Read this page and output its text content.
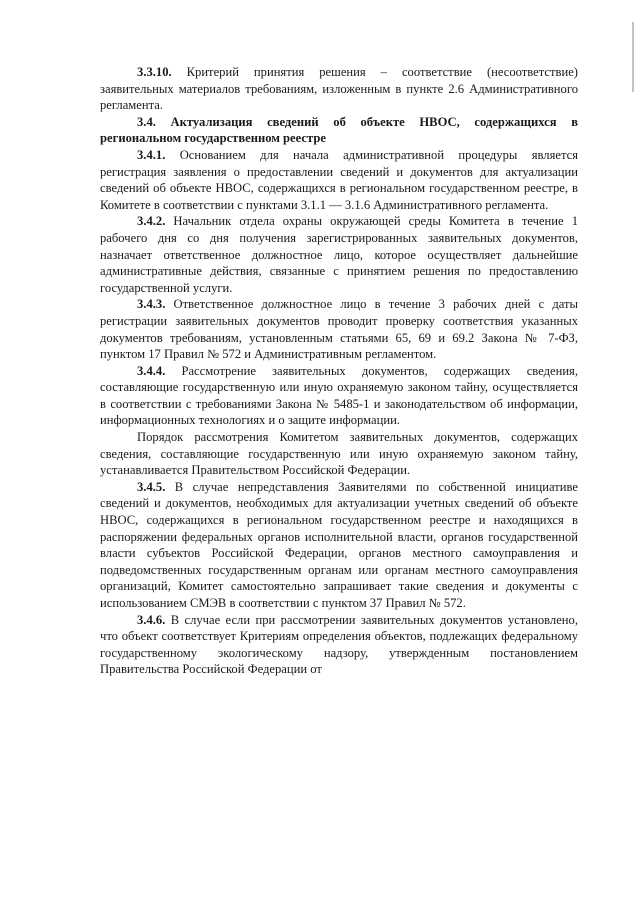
3.3.10. Критерий принятия решения – соответствие (несоответствие) заявительных материалов требованиям, изложенным в пункте 2.6 Административного регламента.

3.4. Актуализация сведений об объекте НВОС, содержащихся в региональном государственном реестре

3.4.1. Основанием для начала административной процедуры является регистрация заявления о предоставлении сведений и документов для актуализации сведений об объекте НВОС, содержащихся в региональном государственном реестре, в Комитете в соответствии с пунктами 3.1.1 — 3.1.6 Административного регламента.

3.4.2. Начальник отдела охраны окружающей среды Комитета в течение 1 рабочего дня со дня получения зарегистрированных заявительных документов, назначает ответственное должностное лицо, которое осуществляет дальнейшие административные действия, связанные с принятием решения по предоставлению государственной услуги.

3.4.3. Ответственное должностное лицо в течение 3 рабочих дней с даты регистрации заявительных документов проводит проверку соответствия указанных документов требованиям, установленным статьями 65, 69 и 69.2 Закона № 7-ФЗ, пунктом 17 Правил № 572 и Административным регламентом.

3.4.4. Рассмотрение заявительных документов, содержащих сведения, составляющие государственную или иную охраняемую законом тайну, осуществляется в соответствии с требованиями Закона № 5485-1 и законодательством об информации, информационных технологиях и о защите информации.

Порядок рассмотрения Комитетом заявительных документов, содержащих сведения, составляющие государственную или иную охраняемую законом тайну, устанавливается Правительством Российской Федерации.

3.4.5. В случае непредставления Заявителями по собственной инициативе сведений и документов, необходимых для актуализации учетных сведений об объекте НВОС, содержащихся в региональном государственном реестре и находящихся в распоряжении федеральных органов исполнительной власти, органов государственной власти субъектов Российской Федерации, органов местного самоуправления и подведомственных государственным органам или органам местного самоуправления организаций, Комитет самостоятельно запрашивает такие сведения и документы с использованием СМЭВ в соответствии с пунктом 37 Правил № 572.

3.4.6. В случае если при рассмотрении заявительных документов установлено, что объект соответствует Критериям определения объектов, подлежащих федеральному государственному экологическому надзору, утвержденным постановлением Правительства Российской Федерации от
